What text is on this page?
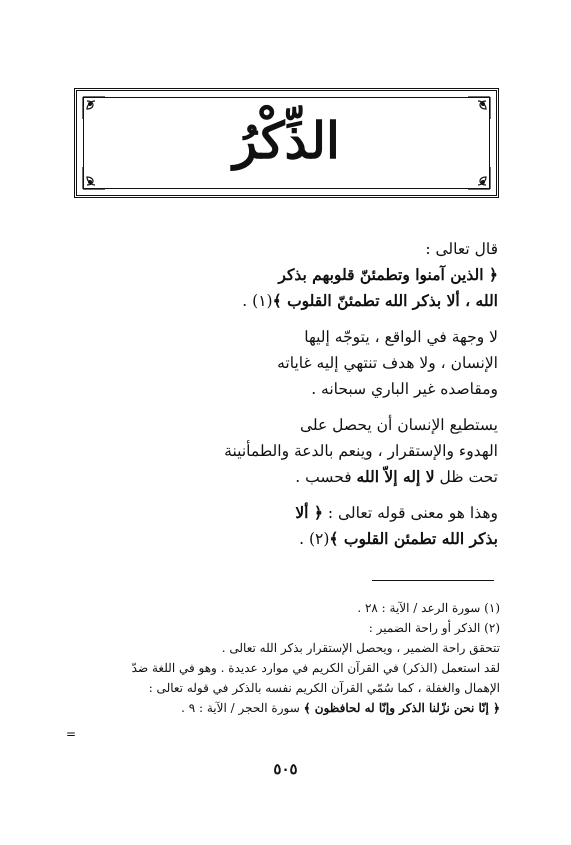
الذِّكْرُ

قال تعالى :
﴿ الذين آمنوا وتطمئنّ قلوبهم بذكر
الله ، ألا بذكر الله تطمئنّ القلوب ﴾(١) .

لا وجهة في الواقع ، يتوجّه إليها
الإنسان ، ولا هدف تنتهي إليه غاياته
ومقاصده غير الباري سبحانه .

يستطيع الإنسان أن يحصل على
الهدوء والإستقرار ، وينعم بالدعة والطمأنينة
تحت ظل لا إله إلاّ الله فحسب .

وهذا هو معنى قوله تعالى : ﴿ ألا
بذكر الله تطمئن القلوب ﴾(٢) .

(١) سورة الرعد / الآية : ٢٨ .
(٢) الذكر أو راحة الضمير :
تتحقق راحة الضمير ، ويحصل الإستقرار بذكر الله تعالى .
لقد استعمل (الذكر) في القرآن الكريم في موارد عديدة . وهو في اللغة ضدّ
الإهمال والغفلة ، كما سُمّي القرآن الكريم نفسه بالذكر في قوله تعالى :
﴿ إنّا نحن نزّلنا الذكر وإنّا له لحافظون ﴾ سورة الحجر / الآية : ٩ .
=
٥٠٥
